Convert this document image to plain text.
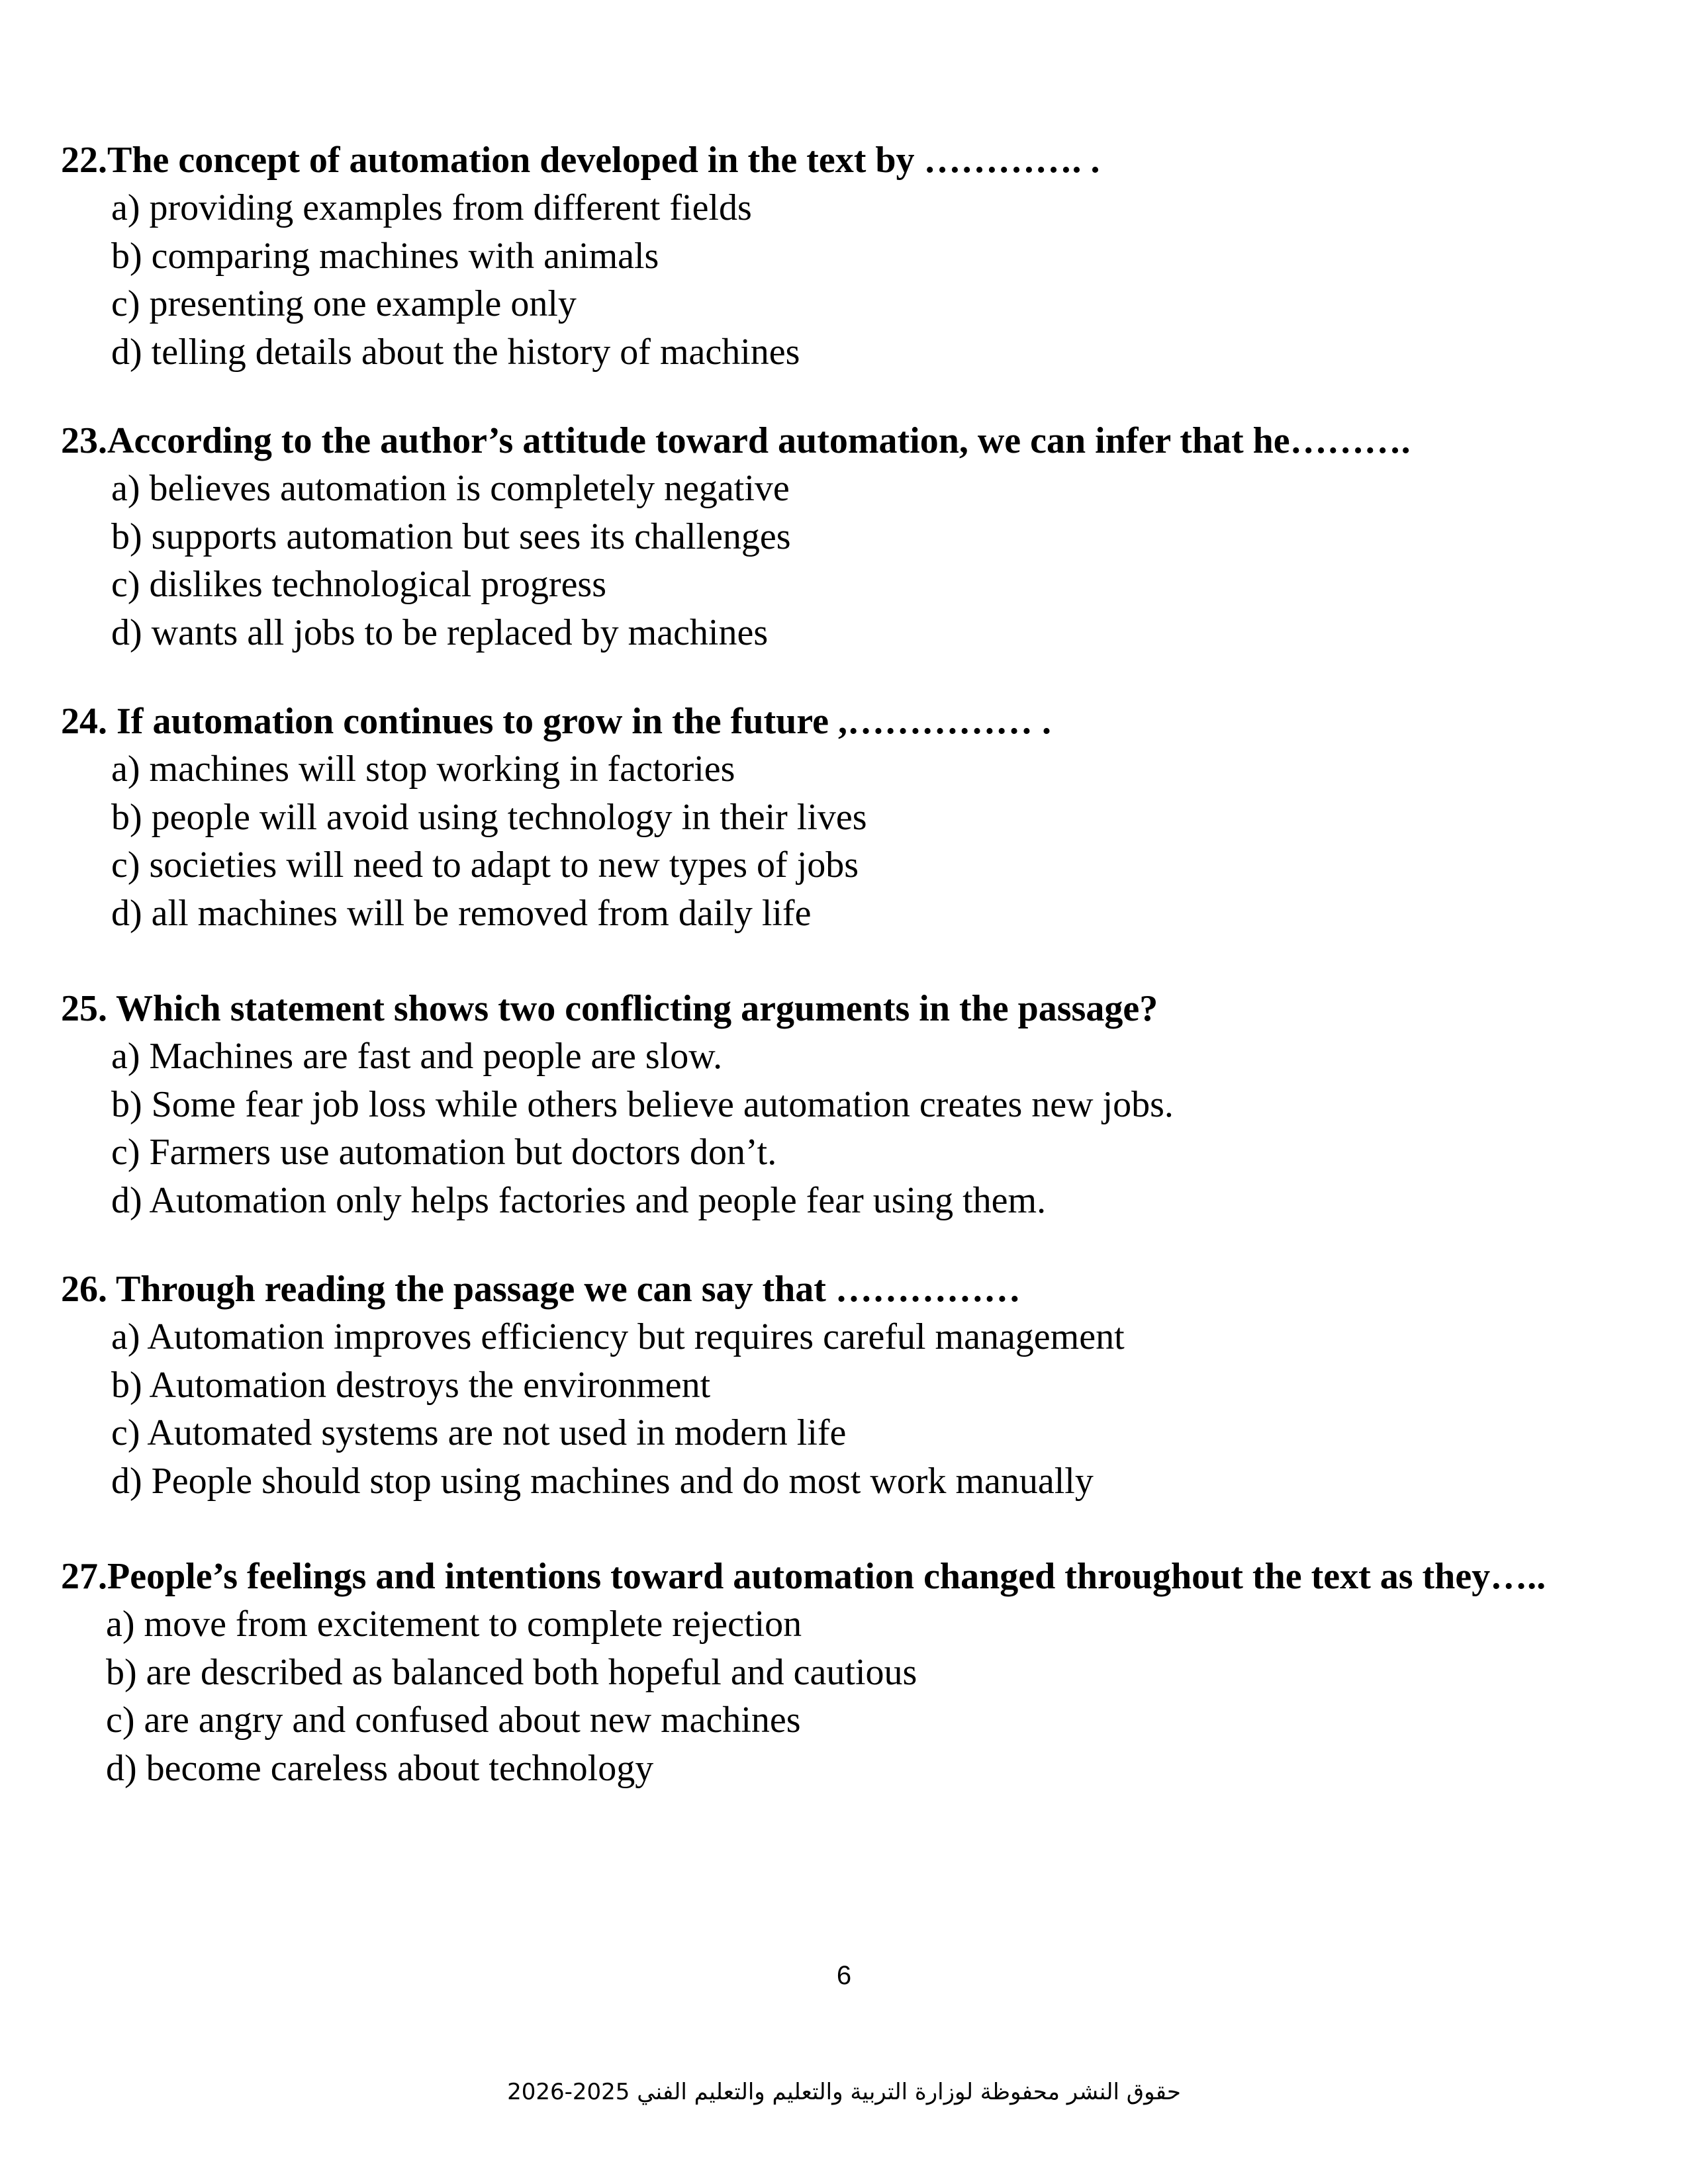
22.The concept of automation developed in the text by …………. .
a) providing examples from different fields
b) comparing machines with animals
c) presenting one example only
d) telling details about the history of machines
23.According to the author’s attitude toward automation, we can infer that he……….
a) believes automation is completely negative
b) supports automation but sees its challenges
c) dislikes technological progress
d) wants all jobs to be replaced by machines
24. If automation continues to grow in the future ,…………… .
a) machines will stop working in factories
b) people will avoid using technology in their lives
c) societies will need to adapt to new types of jobs
d) all machines will be removed from daily life
25. Which statement shows two conflicting arguments in the passage?
a) Machines are fast and people are slow.
b) Some fear job loss while others believe automation creates new jobs.
c) Farmers use automation but doctors don’t.
d) Automation only helps factories and people fear using them.
26. Through reading the passage we can say that ……………
a) Automation improves efficiency but requires careful management
b) Automation destroys the environment
c) Automated systems are not used in modern life
d) People should stop using machines and do most work manually
27.People’s feelings and intentions toward automation changed throughout the text as they…..
a) move from excitement to complete rejection
b) are described as balanced both hopeful and cautious
c) are angry and confused about new machines
d) become careless about technology
6
حقوق النشر محفوظة لوزارة التربية والتعليم والتعليم الفني 2025-2026
